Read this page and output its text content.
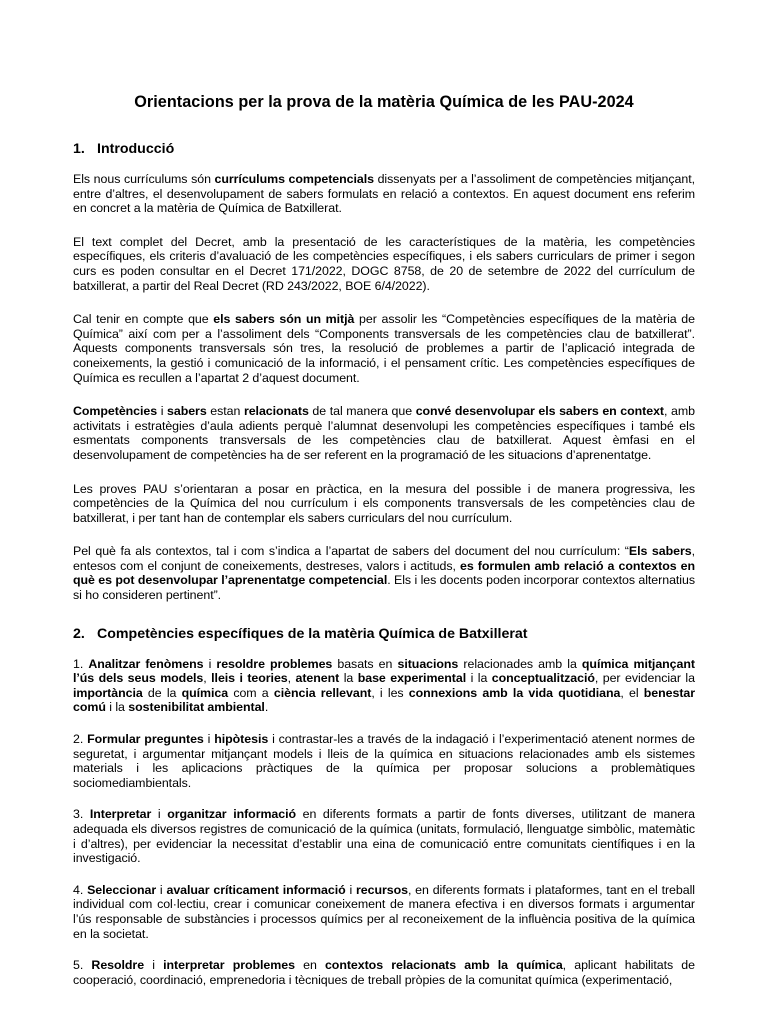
Orientacions per la prova de la matèria Química de les PAU-2024
1. Introducció

Els nous currículums són currículums competencials dissenyats per a l’assoliment de competències mitjançant, entre d’altres, el desenvolupament de sabers formulats en relació a contextos. En aquest document ens referim en concret a la matèria de Química de Batxillerat.

El text complet del Decret, amb la presentació de les característiques de la matèria, les competències específiques, els criteris d’avaluació de les competències específiques, i els sabers curriculars de primer i segon curs es poden consultar en el Decret 171/2022, DOGC 8758, de 20 de setembre de 2022 del currículum de batxillerat, a partir del Real Decret (RD 243/2022, BOE 6/4/2022).

Cal tenir en compte que els sabers són un mitjà per assolir les “Competències específiques de la matèria de Química” així com per a l’assoliment dels “Components transversals de les competències clau de batxillerat”. Aquests components transversals són tres, la resolució de problemes a partir de l’aplicació integrada de coneixements, la gestió i comunicació de la informació, i el pensament crític. Les competències específiques de Química es recullen a l’apartat 2 d’aquest document.

Competències i sabers estan relacionats de tal manera que convé desenvolupar els sabers en context, amb activitats i estratègies d’aula adients perquè l’alumnat desenvolupi les competències específiques i també els esmentats components transversals de les competències clau de batxillerat. Aquest èmfasi en el desenvolupament de competències ha de ser referent en la programació de les situacions d’aprenentatge.

Les proves PAU s’orientaran a posar en pràctica, en la mesura del possible i de manera progressiva, les competències de la Química del nou currículum i els components transversals de les competències clau de batxillerat, i per tant han de contemplar els sabers curriculars del nou currículum.

Pel què fa als contextos, tal i com s’indica a l’apartat de sabers del document del nou currículum: “Els sabers, entesos com el conjunt de coneixements, destreses, valors i actituds, es formulen amb relació a contextos en què es pot desenvolupar l’aprenentatge competencial. Els i les docents poden incorporar contextos alternatius si ho consideren pertinent”.

2. Competències específiques de la matèria Química de Batxillerat

1. Analitzar fenòmens i resoldre problemes basats en situacions relacionades amb la química mitjançant l’ús dels seus models, lleis i teories, atenent la base experimental i la conceptualització, per evidenciar la importància de la química com a ciència rellevant, i les connexions amb la vida quotidiana, el benestar comú i la sostenibilitat ambiental.

2. Formular preguntes i hipòtesis i contrastar-les a través de la indagació i l’experimentació atenent normes de seguretat, i argumentar mitjançant models i lleis de la química en situacions relacionades amb els sistemes materials i les aplicacions pràctiques de la química per proposar solucions a problemàtiques sociomediambientals.

3. Interpretar i organitzar informació en diferents formats a partir de fonts diverses, utilitzant de manera adequada els diversos registres de comunicació de la química (unitats, formulació, llenguatge simbòlic, matemàtic i d’altres), per evidenciar la necessitat d’establir una eina de comunicació entre comunitats científiques i en la investigació.

4. Seleccionar i avaluar críticament informació i recursos, en diferents formats i plataformes, tant en el treball individual com col·lectiu, crear i comunicar coneixement de manera efectiva i en diversos formats i argumentar l’ús responsable de substàncies i processos químics per al reconeixement de la influència positiva de la química en la societat.

5. Resoldre i interpretar problemes en contextos relacionats amb la química, aplicant habilitats de cooperació, coordinació, emprenedoria i tècniques de treball pròpies de la comunitat química (experimentació,
